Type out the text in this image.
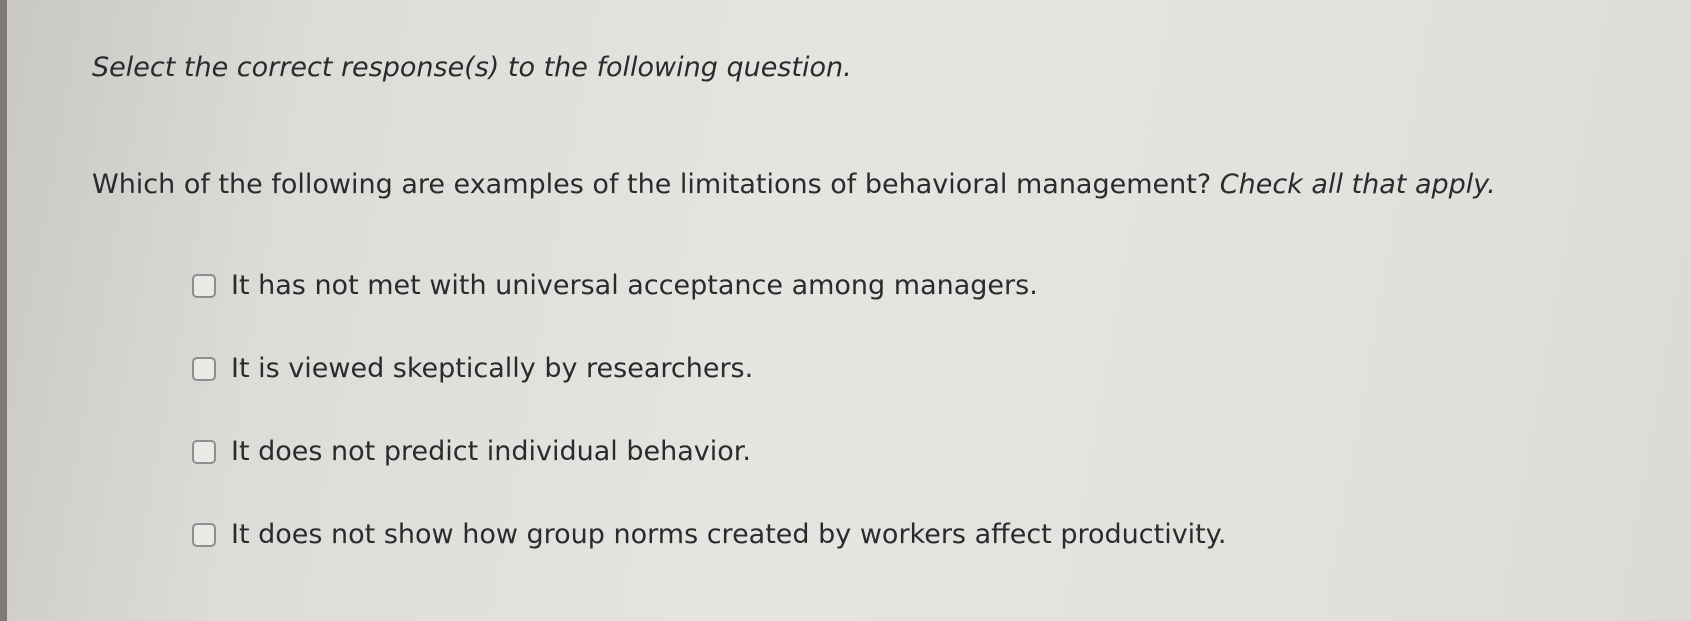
Select the correct response(s) to the following question.

Which of the following are examples of the limitations of behavioral management? Check all that apply.

It has not met with universal acceptance among managers.
It is viewed skeptically by researchers.
It does not predict individual behavior.
It does not show how group norms created by workers affect productivity.
